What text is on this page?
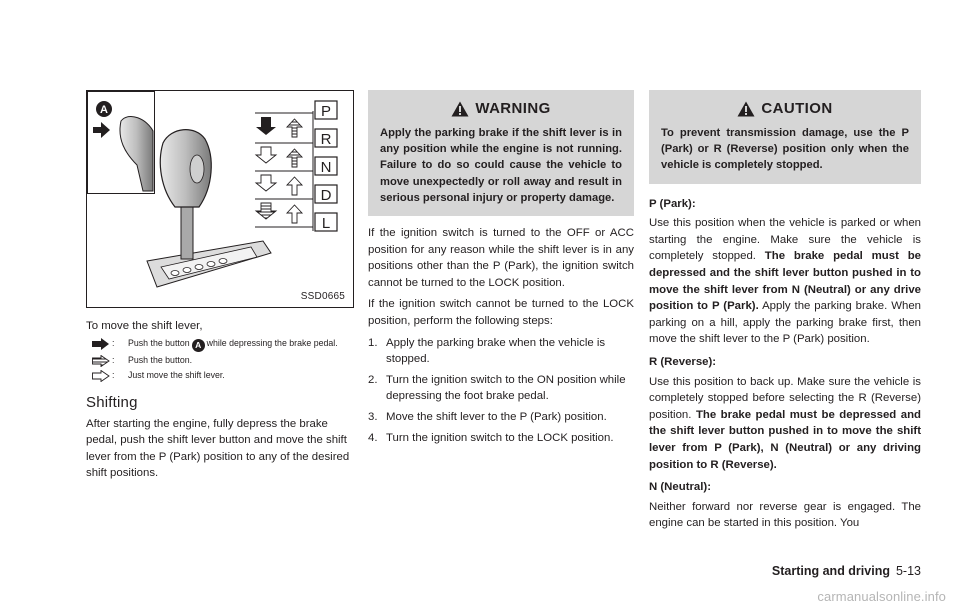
A	P
R
N
D
L
SSD0665
To move the shift lever,
:	Push the button A while depressing the brake pedal.
:	Push the button.
:	Just move the shift lever.
Shifting
After starting the engine, fully depress the brake pedal, push the shift lever button and move the shift lever from the P (Park) position to any of the desired shift positions.
WARNING
Apply the parking brake if the shift lever is in any position while the engine is not running. Failure to do so could cause the vehicle to move unexpectedly or roll away and result in serious personal injury or property damage.
If the ignition switch is turned to the OFF or ACC position for any reason while the shift lever is in any positions other than the P (Park), the ignition switch cannot be turned to the LOCK position.
If the ignition switch cannot be turned to the LOCK position, perform the following steps:
1. Apply the parking brake when the vehicle is stopped.
2. Turn the ignition switch to the ON position while depressing the foot brake pedal.
3. Move the shift lever to the P (Park) position.
4. Turn the ignition switch to the LOCK position.
CAUTION
To prevent transmission damage, use the P (Park) or R (Reverse) position only when the vehicle is completely stopped.
P (Park):
Use this position when the vehicle is parked or when starting the engine. Make sure the vehicle is completely stopped. The brake pedal must be depressed and the shift lever button pushed in to move the shift lever from N (Neutral) or any drive position to P (Park). Apply the parking brake. When parking on a hill, apply the parking brake first, then move the shift lever to the P (Park) position.
R (Reverse):
Use this position to back up. Make sure the vehicle is completely stopped before selecting the R (Reverse) position. The brake pedal must be depressed and the shift lever button pushed in to move the shift lever from P (Park), N (Neutral) or any driving position to R (Reverse).
N (Neutral):
Neither forward nor reverse gear is engaged. The engine can be started in this position. You
Starting and driving 5-13
carmanualsonline.info
